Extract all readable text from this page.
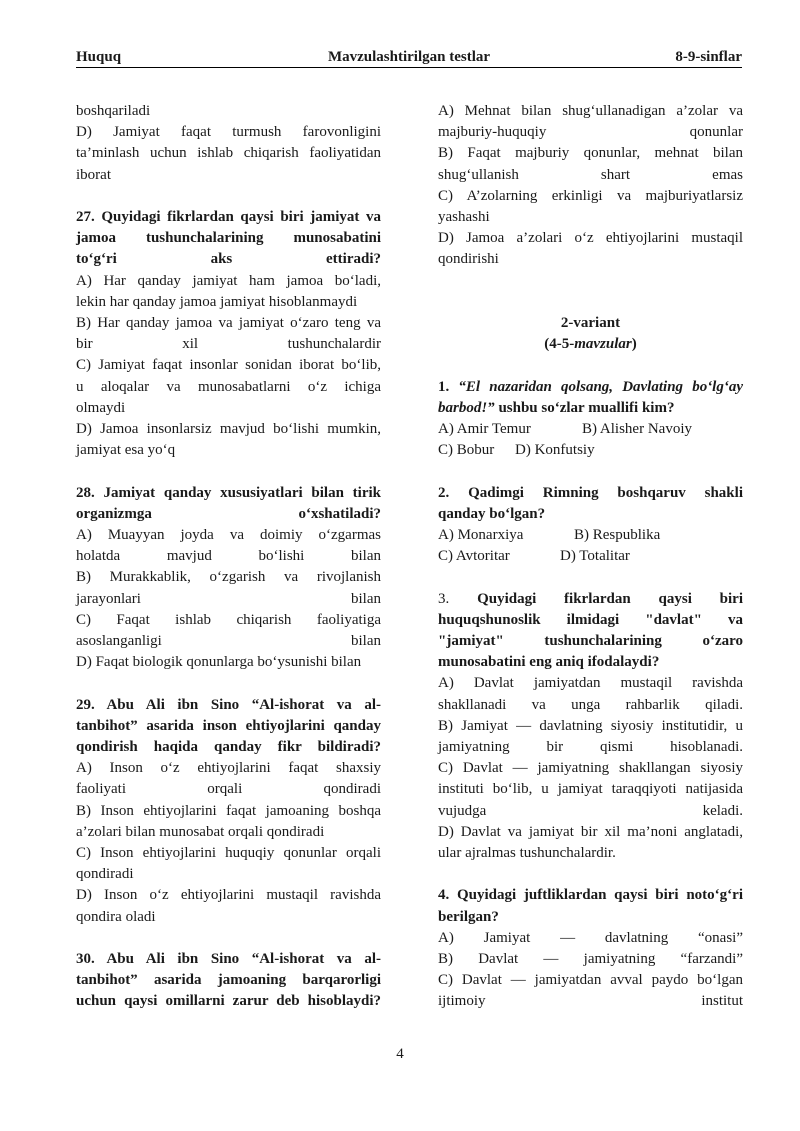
Huquq	Mavzulashtirilgan testlar	8-9-sinflar
boshqariladi
D) Jamiyat faqat turmush farovonligini
ta’minlash uchun ishlab chiqarish faoliyatidan
iborat
27. Quyidagi fikrlardan qaysi biri jamiyat va
jamoa tushunchalarining munosabatini
to‘g‘ri aks ettiradi?
A) Har qanday jamiyat ham jamoa bo‘ladi,
lekin har qanday jamoa jamiyat hisoblanmaydi
B) Har qanday jamoa va jamiyat o‘zaro teng va
bir xil tushunchalardir
C) Jamiyat faqat insonlar sonidan iborat bo‘lib,
u aloqalar va munosabatlarni o‘z ichiga
olmaydi
D) Jamoa insonlarsiz mavjud bo‘lishi mumkin,
jamiyat esa yo‘q
28. Jamiyat qanday xususiyatlari bilan tirik
organizmga o‘xshatiladi?
A) Muayyan joyda va doimiy o‘zgarmas
holatda mavjud bo‘lishi bilan
B) Murakkablik, o‘zgarish va rivojlanish
jarayonlari bilan
C) Faqat ishlab chiqarish faoliyatiga
asoslanganligi bilan
D) Faqat biologik qonunlarga bo‘ysunishi bilan
29. Abu Ali ibn Sino “Al-ishorat va al-
tanbihot” asarida inson ehtiyojlarini qanday
qondirish haqida qanday fikr bildiradi?
A) Inson o‘z ehtiyojlarini faqat shaxsiy
faoliyati orqali qondiradi
B) Inson ehtiyojlarini faqat jamoaning boshqa
a’zolari bilan munosabat orqali qondiradi
C) Inson ehtiyojlarini huquqiy qonunlar orqali
qondiradi
D) Inson o‘z ehtiyojlarini mustaqil ravishda
qondira oladi
30. Abu Ali ibn Sino “Al-ishorat va al-
tanbihot” asarida jamoaning barqarorligi
uchun qaysi omillarni zarur deb hisoblaydi?
A) Mehnat bilan shug‘ullanadigan a’zolar va
majburiy-huquqiy qonunlar
B) Faqat majburiy qonunlar, mehnat bilan
shug‘ullanish shart emas
C) A’zolarning erkinligi va majburiyatlarsiz
yashashi
D) Jamoa a’zolari o‘z ehtiyojlarini mustaqil
qondirishi
2-variant
(4-5-mavzular)
1. “El nazaridan qolsang, Davlating bo‘lg‘ay
barbod!” ushbu so‘zlar muallifi kim?
A) Amir Temur	B) Alisher Navoiy
C) Bobur D) Konfutsiy
2. Qadimgi Rimning boshqaruv shakli
qanday bo‘lgan?
A) Monarxiya	B) Respublika
C) Avtoritar	D) Totalitar
3. Quyidagi fikrlardan qaysi biri
huquqshunoslik ilmidagi "davlat" va
"jamiyat" tushunchalarining o‘zaro
munosabatini eng aniq ifodalaydi?
A) Davlat jamiyatdan mustaqil ravishda
shakllanadi va unga rahbarlik qiladi.
B) Jamiyat — davlatning siyosiy institutidir, u
jamiyatning bir qismi hisoblanadi.
C) Davlat — jamiyatning shakllangan siyosiy
instituti bo‘lib, u jamiyat taraqqiyoti natijasida
vujudga keladi.
D) Davlat va jamiyat bir xil ma’noni anglatadi,
ular ajralmas tushunchalardir.
4. Quyidagi juftliklardan qaysi biri noto‘g‘ri
berilgan?
A) Jamiyat — davlatning “onasi”
B) Davlat — jamiyatning “farzandi”
C) Davlat — jamiyatdan avval paydo bo‘lgan
ijtimoiy institut
4
